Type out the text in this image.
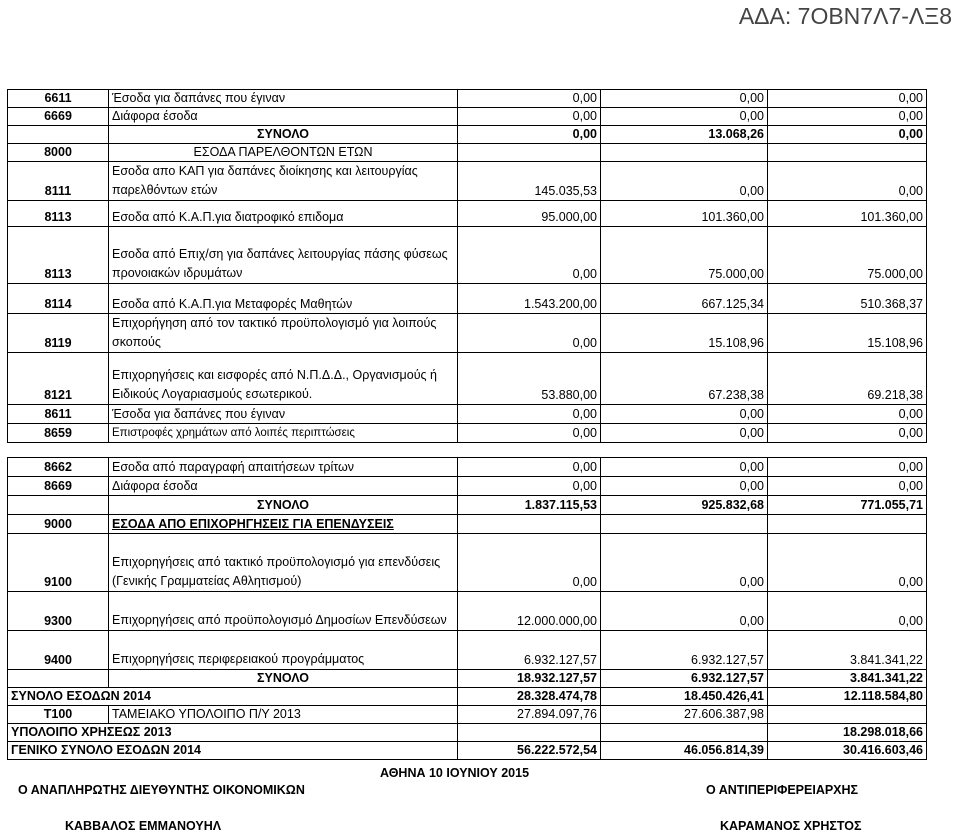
ΑΔΑ: 7ΟΒΝ7Λ7-ΛΞ8
6611	Έσοδα για δαπάνες που έγιναν	0,00	0,00	0,00
6669	Διάφορα έσοδα	0,00	0,00	0,00
	ΣΥΝΟΛΟ	0,00	13.068,26	0,00
8000	ΕΣΟΔΑ ΠΑΡΕΛΘΟΝΤΩΝ ΕΤΩΝ			
8111	Εσοδα απο ΚΑΠ για δαπάνες διοίκησης και λειτουργίας παρελθόντων ετών	145.035,53	0,00	0,00
8113	Εσοδα από Κ.Α.Π.για διατροφικό επιδομα	95.000,00	101.360,00	101.360,00
8113	Εσοδα από Επιχ/ση για δαπάνες λειτουργίας πάσης φύσεως προνοιακών ιδρυμάτων	0,00	75.000,00	75.000,00
8114	Εσοδα από Κ.Α.Π.για Μεταφορές Μαθητών	1.543.200,00	667.125,34	510.368,37
8119	Επιχορήγηση από τον τακτικό προϋπολογισμό για λοιπούς σκοπούς	0,00	15.108,96	15.108,96
8121	Επιχορηγήσεις και εισφορές από Ν.Π.Δ.Δ., Οργανισμούς ή Ειδικούς Λογαριασμούς εσωτερικού.	53.880,00	67.238,38	69.218,38
8611	Έσοδα για δαπάνες που έγιναν	0,00	0,00	0,00
8659	Επιστροφές χρημάτων από λοιπές περιπτώσεις	0,00	0,00	0,00

8662	Εσοδα από παραγραφή απαιτήσεων τρίτων	0,00	0,00	0,00
8669	Διάφορα έσοδα	0,00	0,00	0,00
	ΣΥΝΟΛΟ	1.837.115,53	925.832,68	771.055,71
9000	ΕΣΟΔΑ ΑΠΟ ΕΠΙΧΟΡΗΓΗΣΕΙΣ ΓΙΑ ΕΠΕΝΔΥΣΕΙΣ			
9100	Επιχορηγήσεις από τακτικό προϋπολογισμό για επενδύσεις (Γενικής Γραμματείας Αθλητισμού)	0,00	0,00	0,00
9300	Επιχορηγήσεις από προϋπολογισμό Δημοσίων Επενδύσεων	12.000.000,00	0,00	0,00
9400	Επιχορηγήσεις περιφερειακού προγράμματος	6.932.127,57	6.932.127,57	3.841.341,22
	ΣΥΝΟΛΟ	18.932.127,57	6.932.127,57	3.841.341,22
ΣΥΝΟΛΟ ΕΣΟΔΩΝ 2014		28.328.474,78	18.450.426,41	12.118.584,80
Τ100	ΤΑΜΕΙΑΚΟ ΥΠΟΛΟΙΠΟ Π/Υ 2013	27.894.097,76	27.606.387,98	
ΥΠΟΛΟΙΠΟ ΧΡΗΣΕΩΣ 2013				18.298.018,66
ΓΕΝΙΚΟ ΣΥΝΟΛΟ ΕΣΟΔΩΝ 2014		56.222.572,54	46.056.814,39	30.416.603,46
ΑΘΗΝΑ 10 ΙΟΥΝΙΟΥ 2015
Ο ΑΝΑΠΛΗΡΩΤΗΣ ΔΙΕΥΘΥΝΤΗΣ ΟΙΚΟΝΟΜΙΚΩΝ	Ο ΑΝΤΙΠΕΡΙΦΕΡΕΙΑΡΧΗΣ
ΚΑΒΒΑΛΟΣ ΕΜΜΑΝΟΥΗΛ	ΚΑΡΑΜΑΝΟΣ ΧΡΗΣΤΟΣ
